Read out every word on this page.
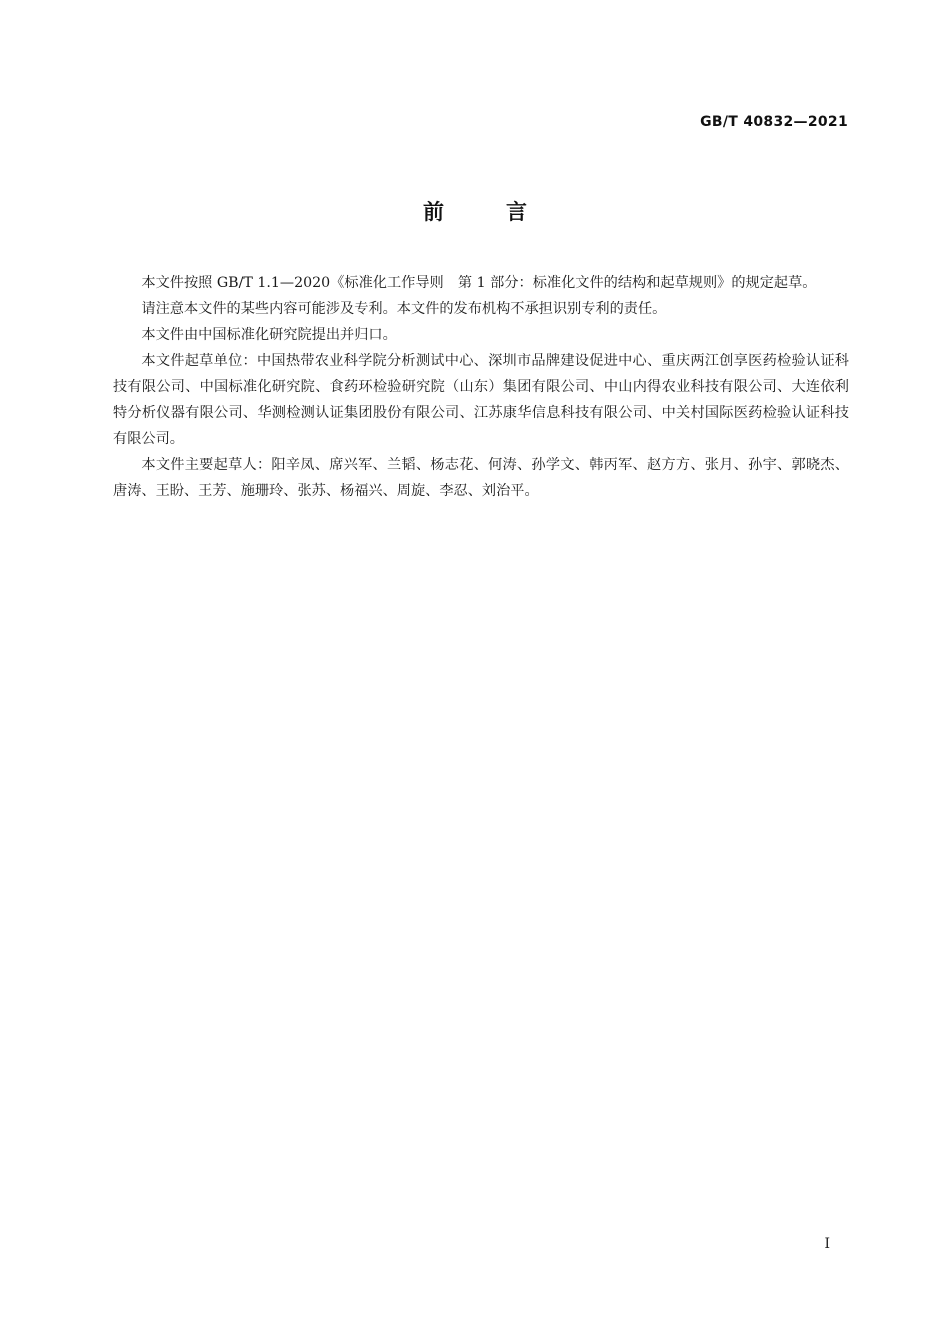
GB/T 40832—2021
前言

本文件按照 GB/T 1.1—2020《标准化工作导则　第 1 部分：标准化文件的结构和起草规则》的规定起草。

请注意本文件的某些内容可能涉及专利。本文件的发布机构不承担识别专利的责任。

本文件由中国标准化研究院提出并归口。

本文件起草单位：中国热带农业科学院分析测试中心、深圳市品牌建设促进中心、重庆两江创享医药检验认证科技有限公司、中国标准化研究院、食药环检验研究院（山东）集团有限公司、中山内得农业科技有限公司、大连依利特分析仪器有限公司、华测检测认证集团股份有限公司、江苏康华信息科技有限公司、中关村国际医药检验认证科技有限公司。

本文件主要起草人：阳辛凤、席兴军、兰韬、杨志花、何涛、孙学文、韩丙军、赵方方、张月、孙宇、郭晓杰、唐涛、王盼、王芳、施珊玲、张苏、杨福兴、周旋、李忍、刘治平。

I
